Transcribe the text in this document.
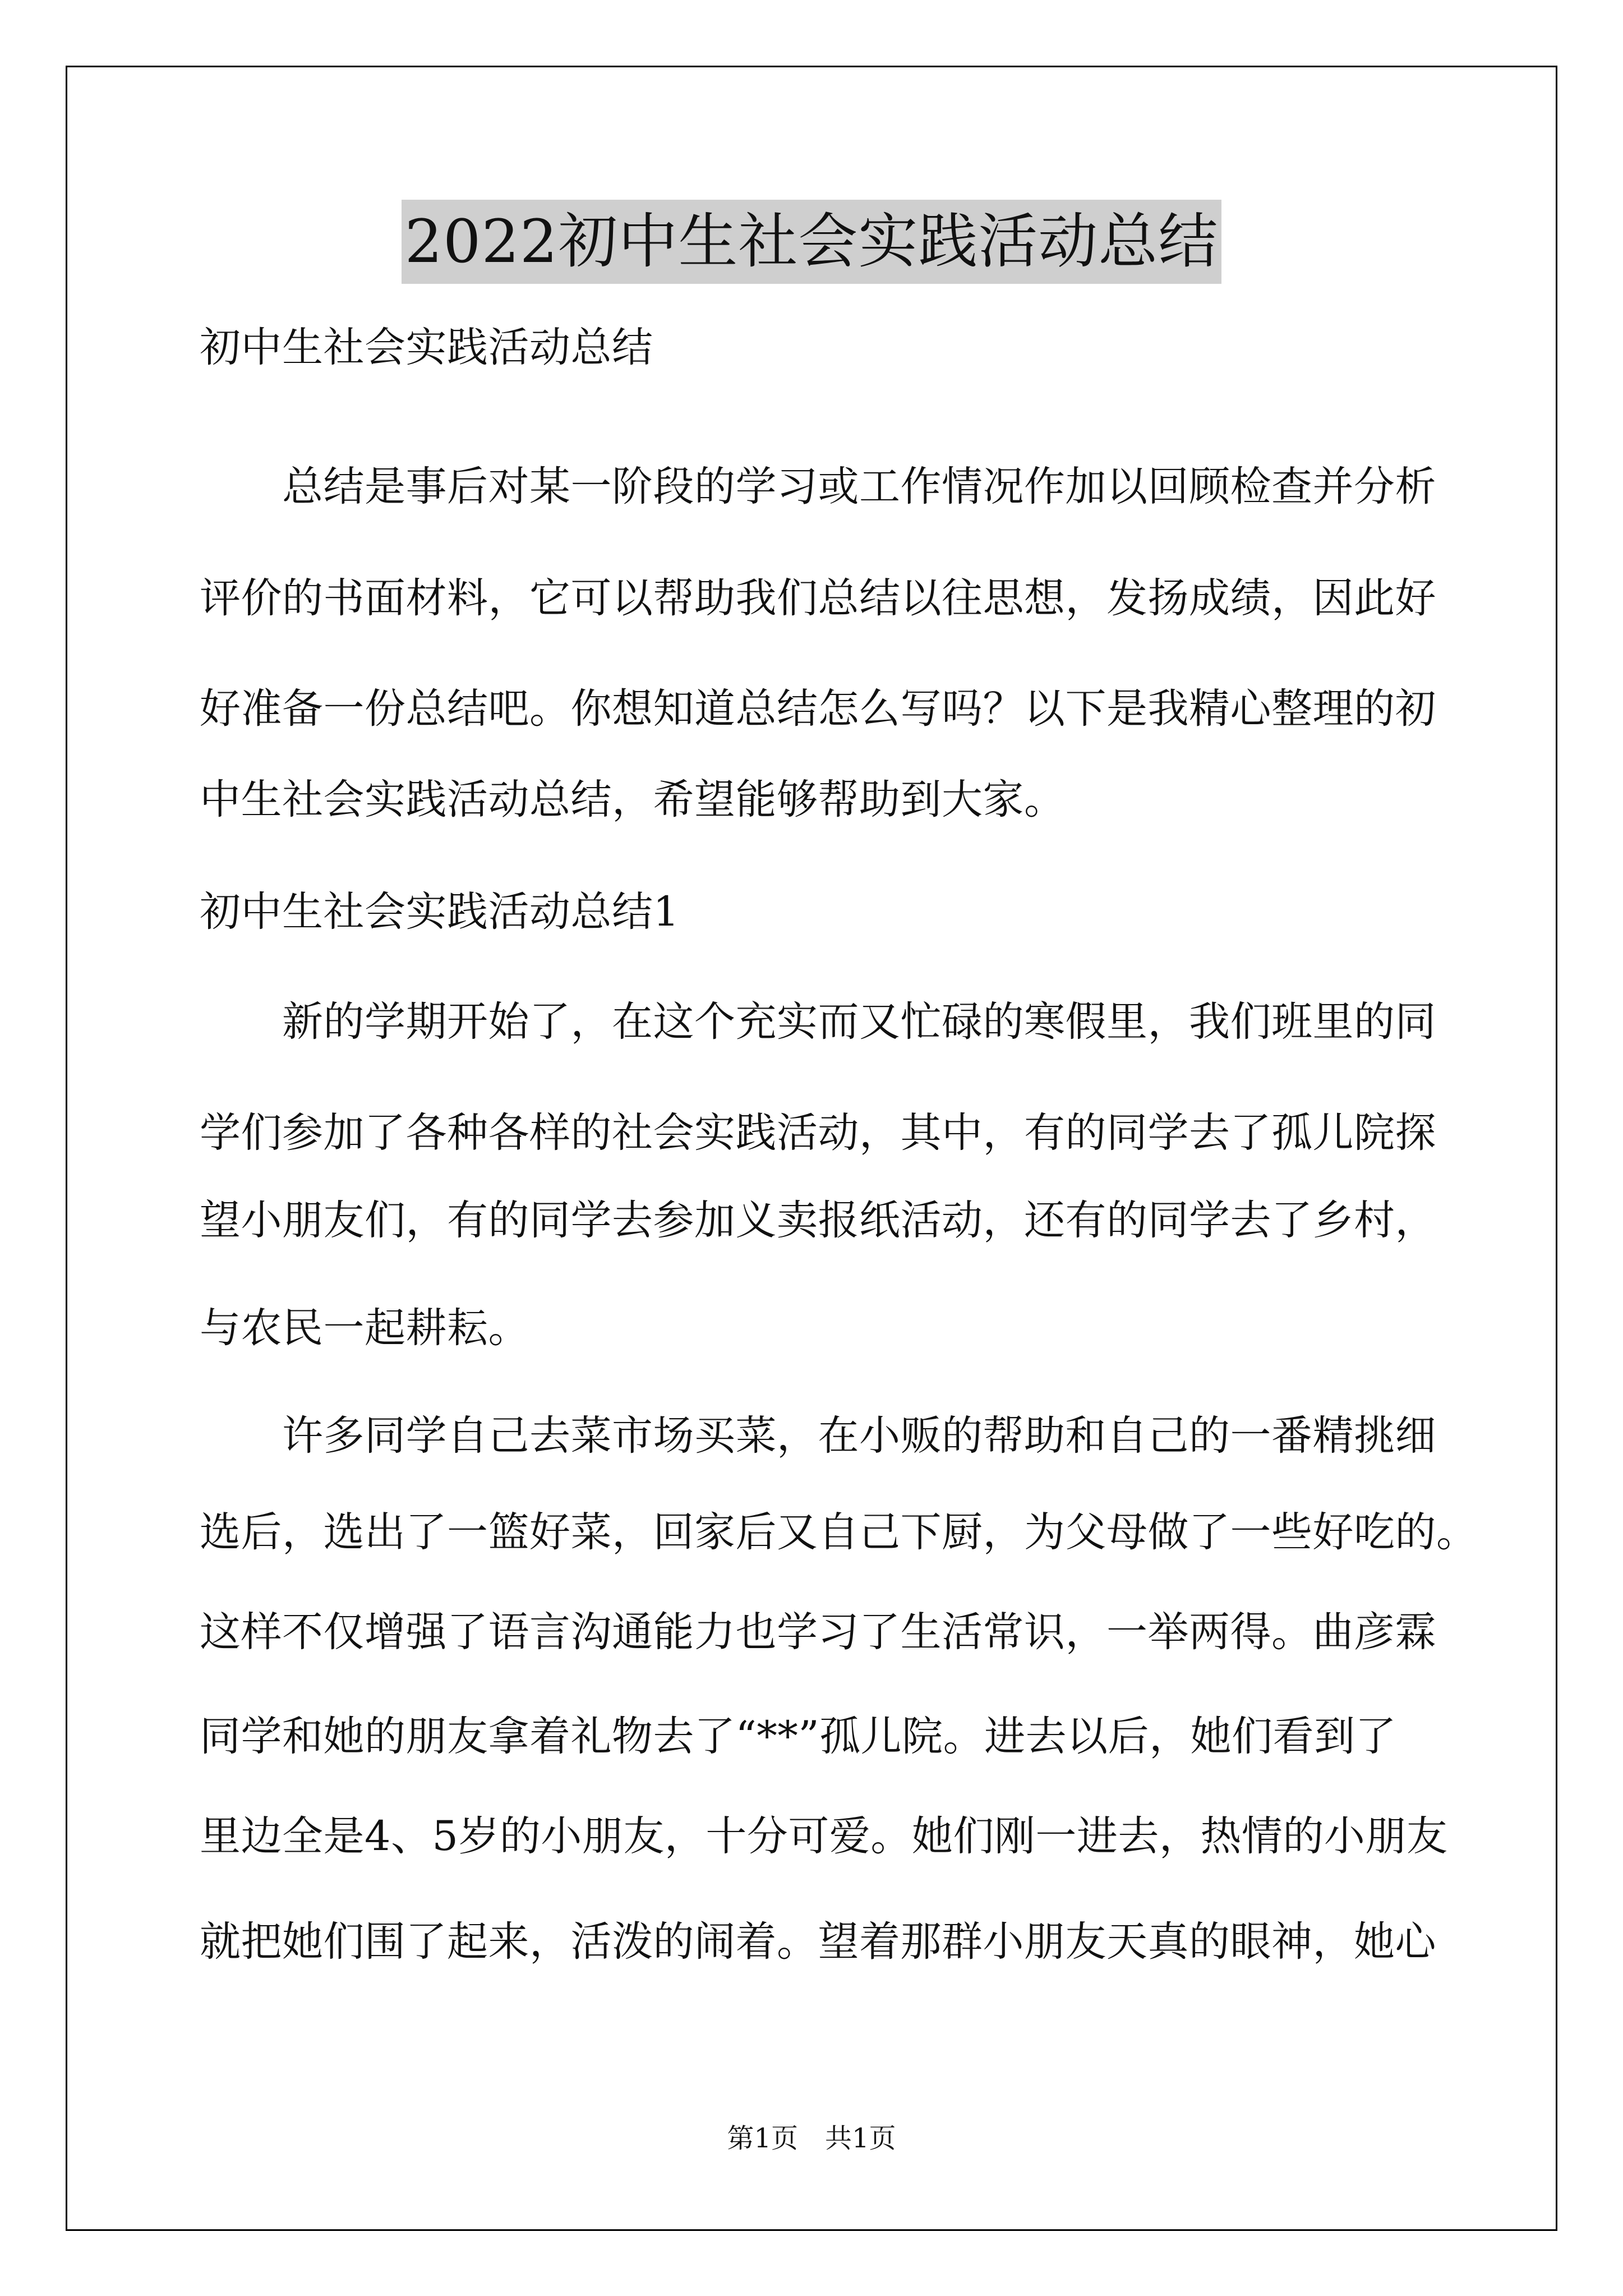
2022初中生社会实践活动总结
初中生社会实践活动总结
　　总结是事后对某一阶段的学习或工作情况作加以回顾检查并分析
评价的书面材料，它可以帮助我们总结以往思想，发扬成绩，因此好
好准备一份总结吧。你想知道总结怎么写吗？以下是我精心整理的初
中生社会实践活动总结，希望能够帮助到大家。
初中生社会实践活动总结1
　　新的学期开始了，在这个充实而又忙碌的寒假里，我们班里的同
学们参加了各种各样的社会实践活动，其中，有的同学去了孤儿院探
望小朋友们，有的同学去参加义卖报纸活动，还有的同学去了乡村，
与农民一起耕耘。
　　许多同学自己去菜市场买菜，在小贩的帮助和自己的一番精挑细
选后，选出了一篮好菜，回家后又自己下厨，为父母做了一些好吃的。
这样不仅增强了语言沟通能力也学习了生活常识，一举两得。曲彦霖
同学和她的朋友拿着礼物去了“**”孤儿院。进去以后，她们看到了
里边全是4、5岁的小朋友，十分可爱。她们刚一进去，热情的小朋友
就把她们围了起来，活泼的闹着。望着那群小朋友天真的眼神，她心
第1页　共1页
